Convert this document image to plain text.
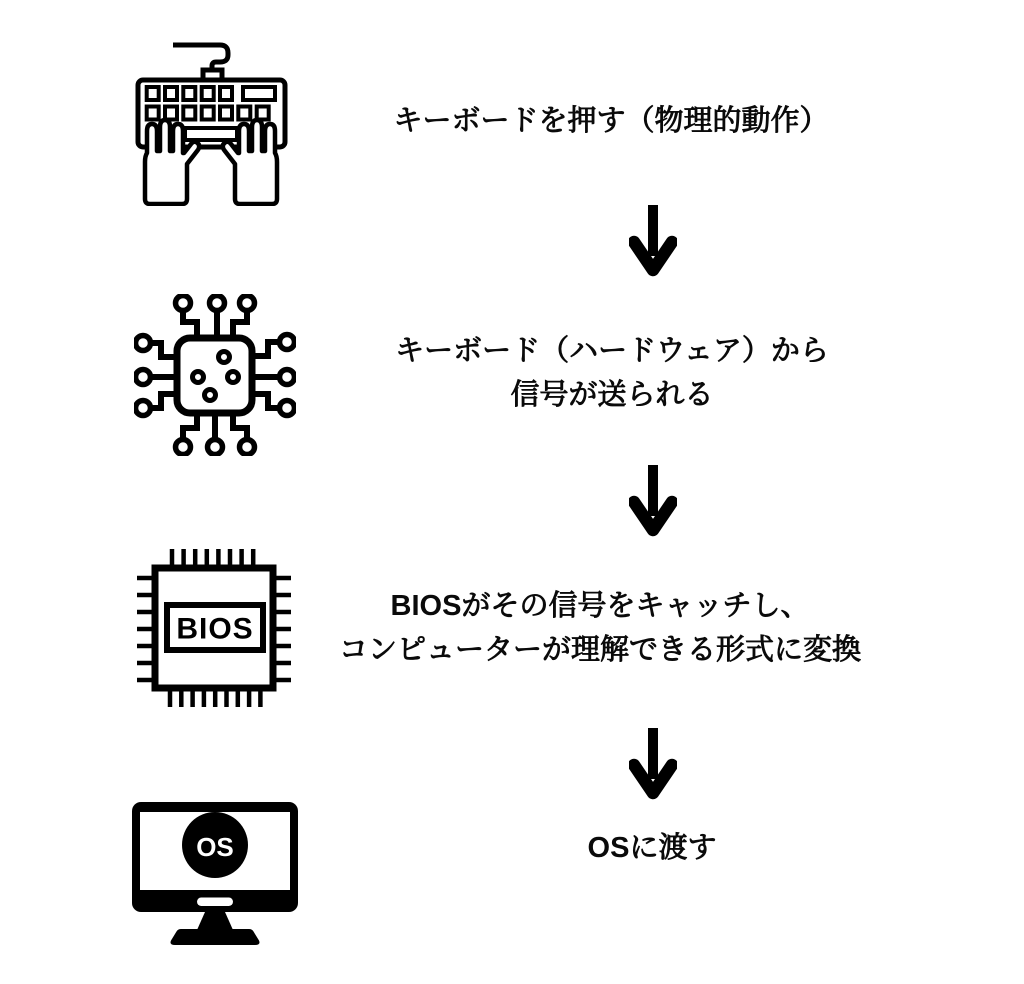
キーボードを押す（物理的動作）
キーボード（ハードウェア）から
信号が送られる
BIOS
BIOSがその信号をキャッチし、
コンピューターが理解できる形式に変換
OS	OSに渡す
